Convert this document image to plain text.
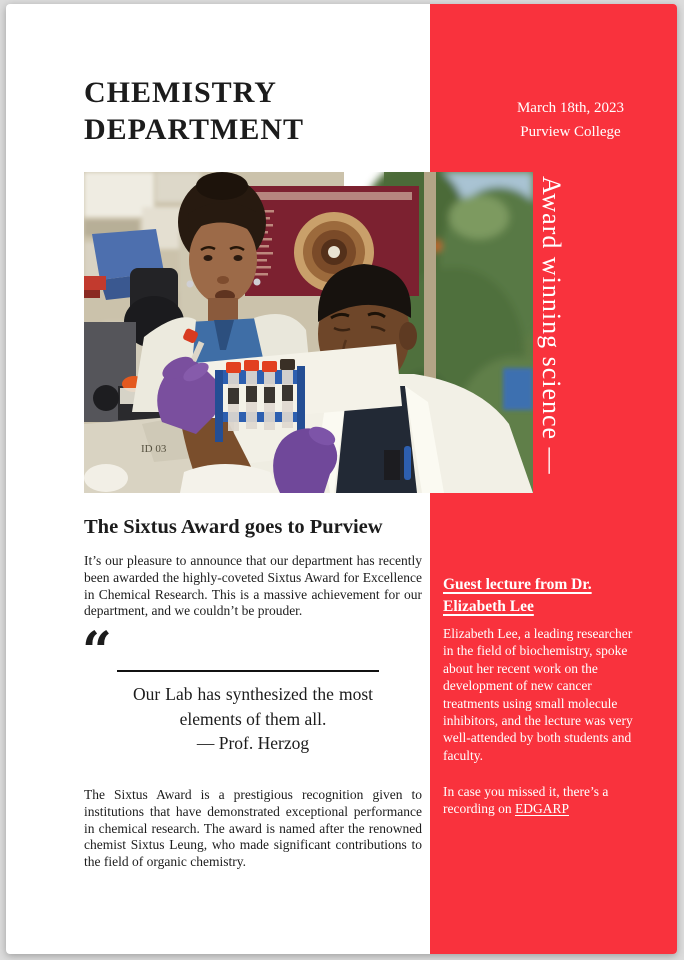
CHEMISTRY
DEPARTMENT
March 18th, 2023
Purview College
ID 03	Award winning science —
The Sixtus Award goes to Purview

It’s our pleasure to announce that our department has recently been awarded the highly-coveted Sixtus Award for Excellence in Chemical Research. This is a massive achievement for our department, and we couldn’t be prouder.

“
Our Lab has synthesized the most elements of them all.
— Prof. Herzog

The Sixtus Award is a prestigious recognition given to institutions that have demonstrated exceptional performance in chemical research. The award is named after the renowned chemist Sixtus Leung, who made significant contributions to the field of organic chemistry.

Guest lecture from Dr. Elizabeth Lee

Elizabeth Lee, a leading researcher in the field of biochemistry, spoke about her recent work on the development of new cancer treatments using small molecule inhibitors, and the lecture was very well-attended by both students and faculty.

In case you missed it, there’s a recording on EDGARP
